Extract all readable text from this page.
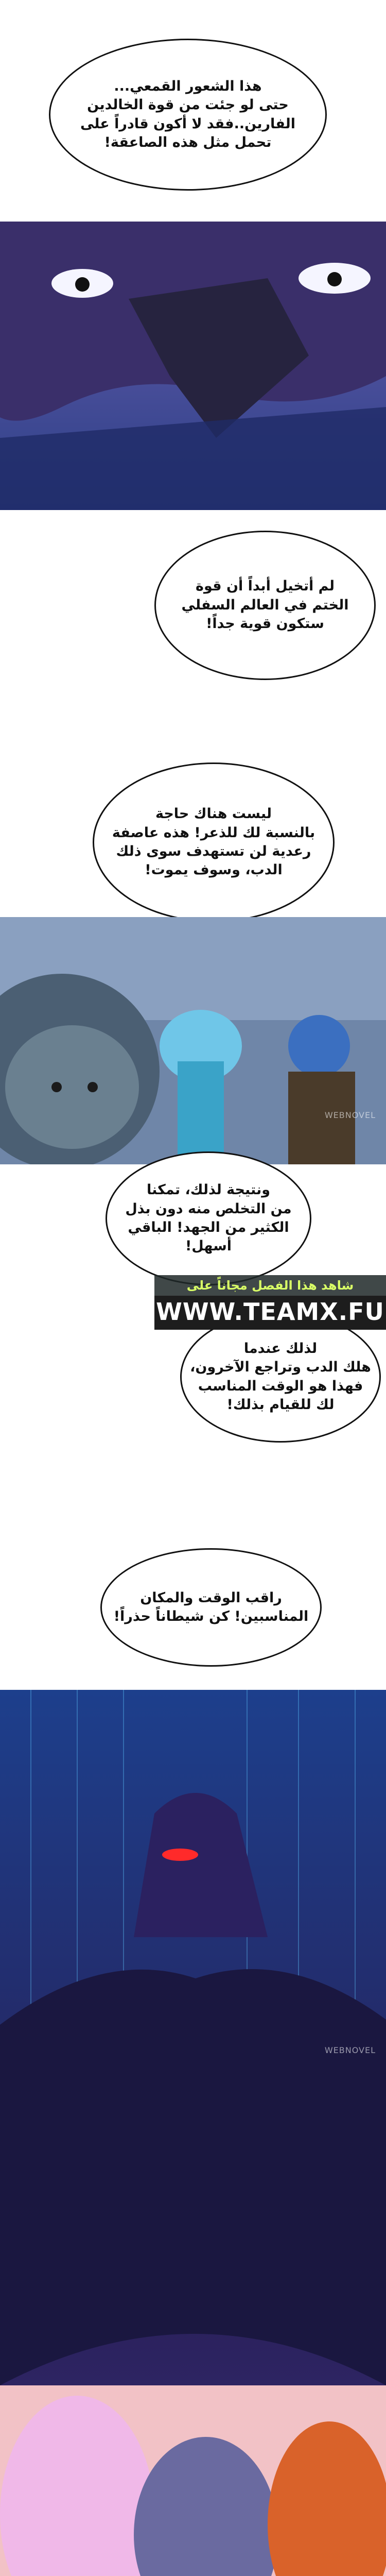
هذا الشعور القمعي...
حتى لو جئت من قوة الخالدين
الفارين..فقد لا أكون قادراً على
تحمل مثل هذه الصاعقة!
لم أتخيل أبداً أن قوة
الختم في العالم السفلي
ستكون قوية جداً!
ليست هناك حاجة
بالنسبة لك للذعر! هذه عاصفة
رعدية لن تستهدف سوى ذلك
الدب، وسوف يموت!
WEBNOVEL
ونتيجة لذلك، تمكنا
من التخلص منه دون بذل
الكثير من الجهد! الباقي
أسهل!
لذلك عندما
هلك الدب وتراجع الآخرون،
فهذا هو الوقت المناسب
لك للقيام بذلك!
راقب الوقت والمكان
المناسبين! كن شيطاناً حذراً!
WEBNOVEL
شاهد هذا الفصل مجاناً على
WWW.TEAMX.FU
